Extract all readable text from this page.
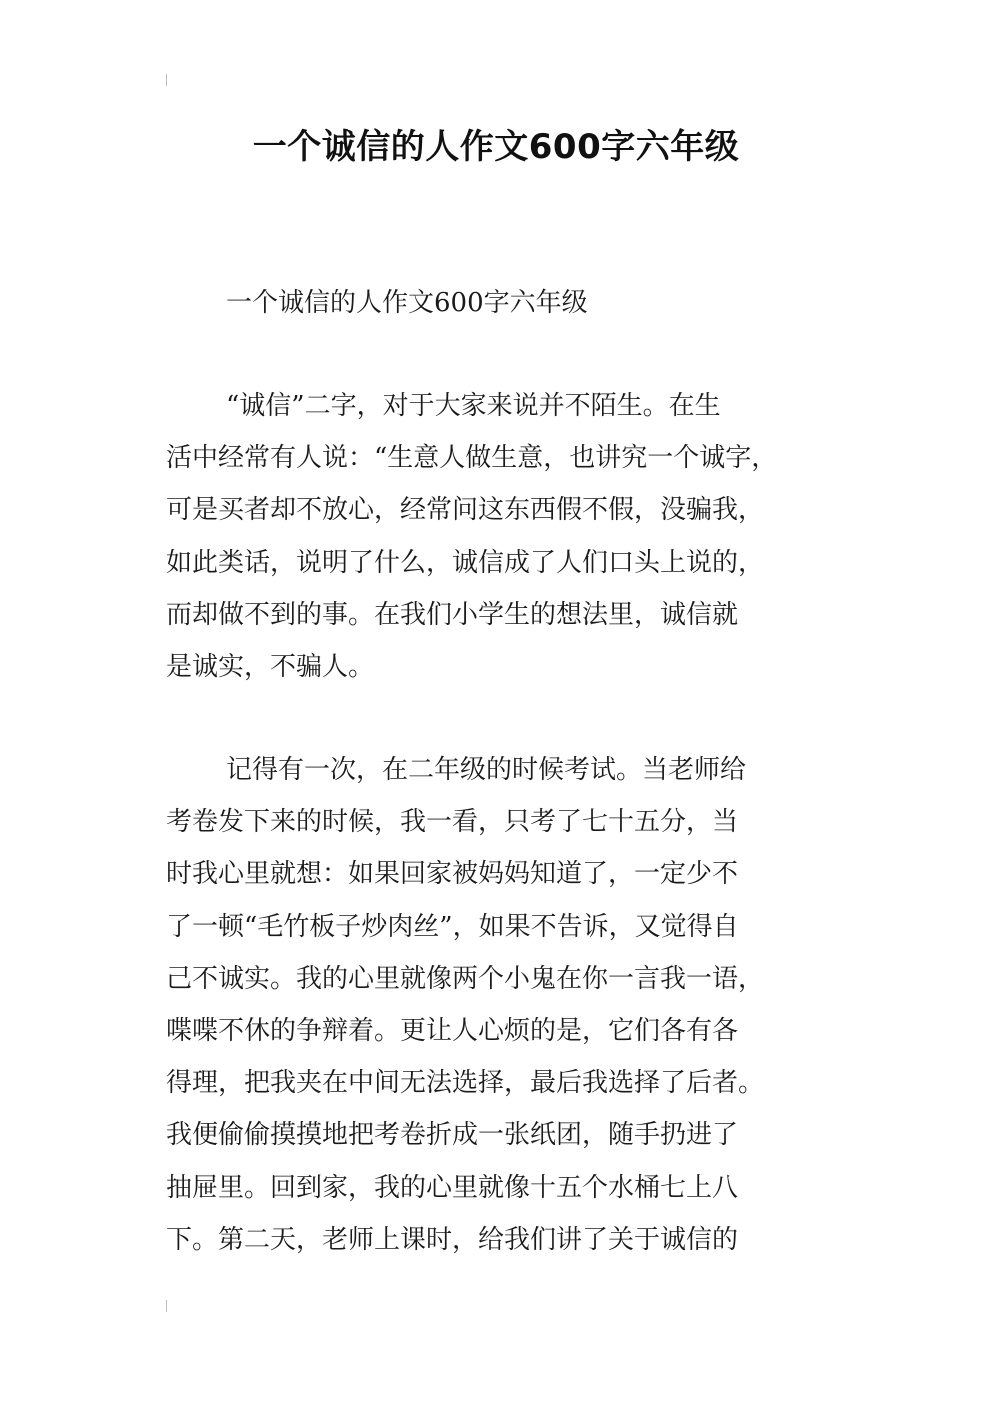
一个诚信的人作文600字六年级
一个诚信的人作文600字六年级
“诚信”二字，对于大家来说并不陌生。在生
活中经常有人说：“生意人做生意，也讲究一个诚字，
可是买者却不放心，经常问这东西假不假，没骗我，
如此类话，说明了什么，诚信成了人们口头上说的，
而却做不到的事。在我们小学生的想法里，诚信就
是诚实，不骗人。
记得有一次，在二年级的时候考试。当老师给
考卷发下来的时候，我一看，只考了七十五分，当
时我心里就想：如果回家被妈妈知道了，一定少不
了一顿“毛竹板子炒肉丝”，如果不告诉，又觉得自
己不诚实。我的心里就像两个小鬼在你一言我一语，
喋喋不休的争辩着。更让人心烦的是，它们各有各
得理，把我夹在中间无法选择，最后我选择了后者。
我便偷偷摸摸地把考卷折成一张纸团，随手扔进了
抽屉里。回到家，我的心里就像十五个水桶七上八
下。第二天，老师上课时，给我们讲了关于诚信的
